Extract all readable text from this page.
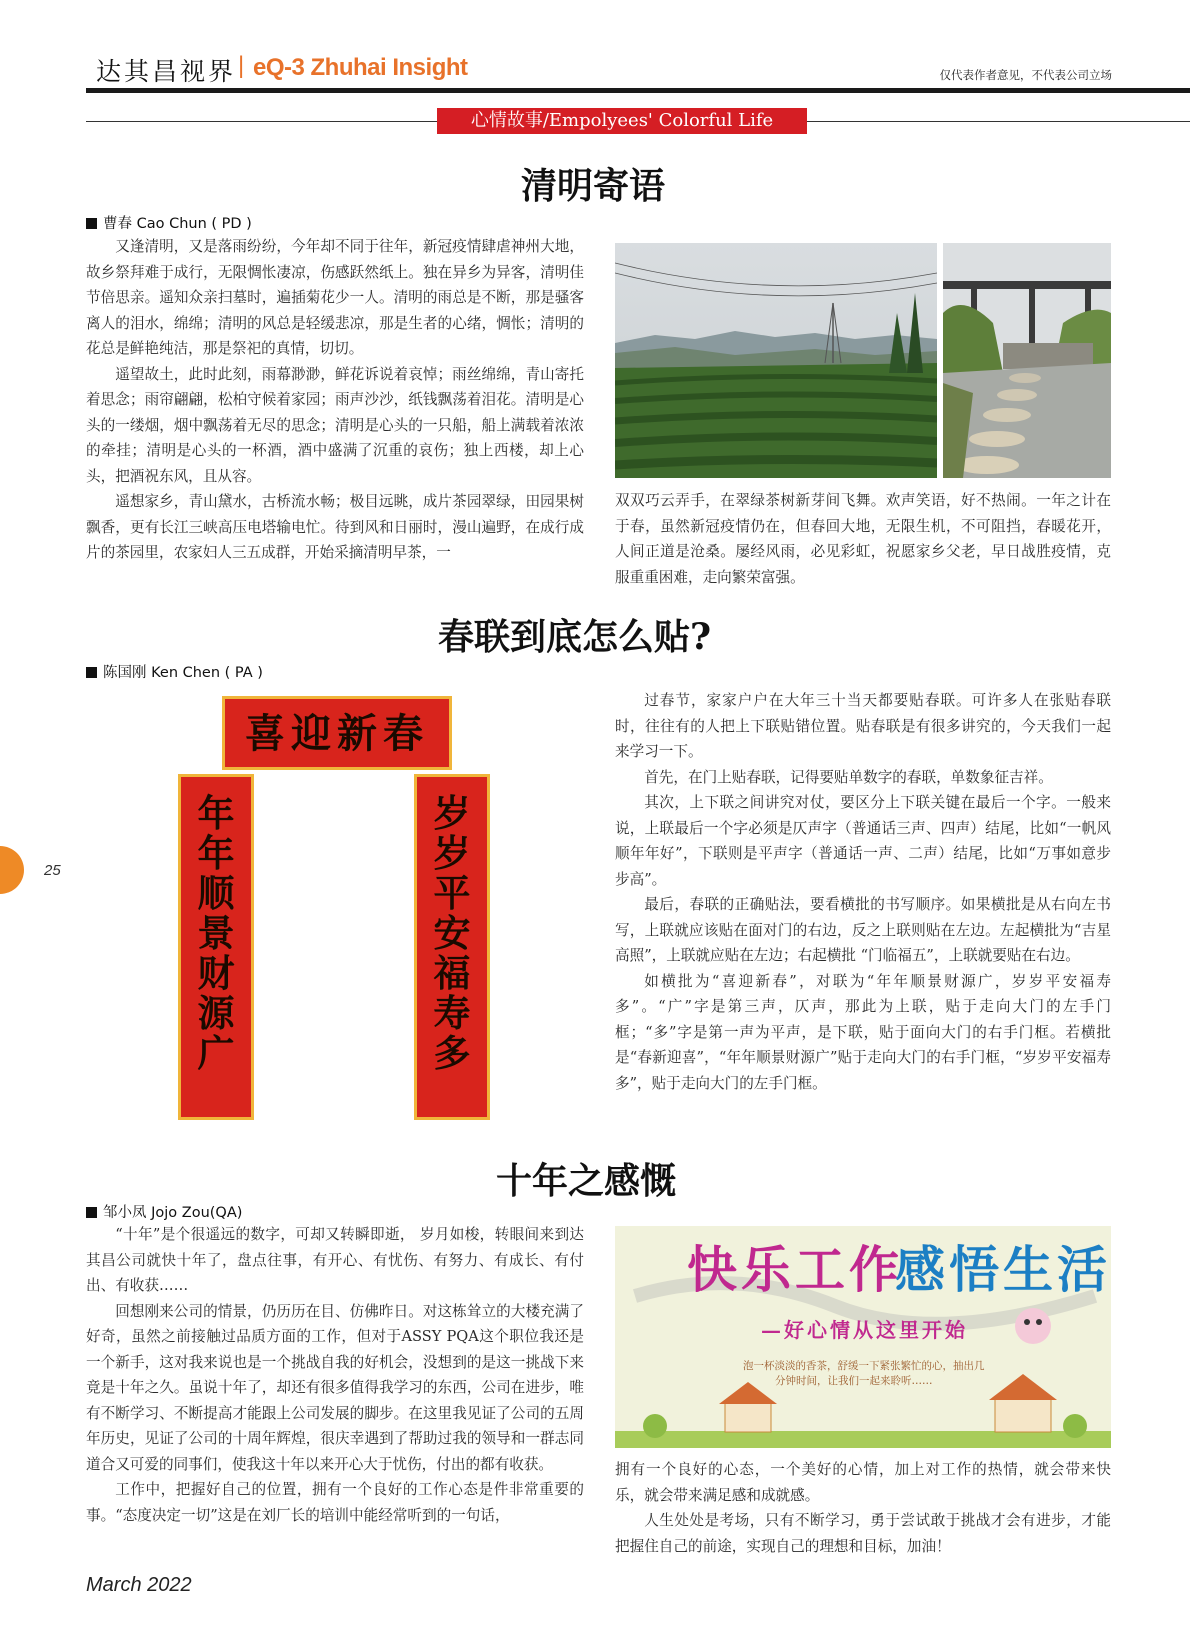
达其昌视界 | eQ-3 Zhuhai Insight	仅代表作者意见，不代表公司立场
心情故事/Empolyees' Colorful Life
清明寄语
曹春 Cao Chun ( PD )

又逢清明，又是落雨纷纷，今年却不同于往年，新冠疫情肆虐神州大地，故乡祭拜难于成行，无限惆怅凄凉，伤感跃然纸上。独在异乡为异客，清明佳节倍思亲。遥知众亲扫墓时，遍插菊花少一人。清明的雨总是不断，那是骚客离人的泪水，绵绵；清明的风总是轻缓悲凉，那是生者的心绪，惆怅；清明的花总是鲜艳纯洁，那是祭祀的真情，切切。

遥望故土，此时此刻，雨幕渺渺，鲜花诉说着哀悼；雨丝绵绵，青山寄托着思念；雨帘翩翩，松柏守候着家园；雨声沙沙，纸钱飘荡着泪花。清明是心头的一缕烟，烟中飘荡着无尽的思念；清明是心头的一只船，船上满载着浓浓的牵挂；清明是心头的一杯酒，酒中盛满了沉重的哀伤；独上西楼，却上心头，把酒祝东风，且从容。

遥想家乡，青山黛水，古桥流水畅；极目远眺，成片茶园翠绿，田园果树飘香，更有长江三峡高压电塔输电忙。待到风和日丽时，漫山遍野，在成行成片的茶园里，农家妇人三五成群，开始采摘清明早茶，一

双双巧云弄手，在翠绿茶树新芽间飞舞。欢声笑语，好不热闹。一年之计在于春，虽然新冠疫情仍在，但春回大地，无限生机，不可阻挡，春暖花开，人间正道是沧桑。屡经风雨，必见彩虹，祝愿家乡父老，早日战胜疫情，克服重重困难，走向繁荣富强。

春联到底怎么贴?
陈国刚 Ken Chen ( PA )
喜迎新春
年年顺景财源广
岁岁平安福寿多

过春节，家家户户在大年三十当天都要贴春联。可许多人在张贴春联时，往往有的人把上下联贴错位置。贴春联是有很多讲究的，今天我们一起来学习一下。

首先，在门上贴春联，记得要贴单数字的春联，单数象征吉祥。

其次，上下联之间讲究对仗，要区分上下联关键在最后一个字。一般来说，上联最后一个字必须是仄声字（普通话三声、四声）结尾，比如“一帆风顺年年好”，下联则是平声字（普通话一声、二声）结尾，比如“万事如意步步高”。

最后，春联的正确贴法，要看横批的书写顺序。如果横批是从右向左书写，上联就应该贴在面对门的右边，反之上联则贴在左边。左起横批为“吉星高照”，上联就应贴在左边；右起横批 “门临福五”，上联就要贴在右边。

如横批为“喜迎新春”，对联为“年年顺景财源广，岁岁平安福寿多”。“广”字是第三声，仄声，那此为上联，贴于走向大门的左手门框；“多”字是第一声为平声，是下联，贴于面向大门的右手门框。若横批是“春新迎喜”，“年年顺景财源广”贴于走向大门的右手门框，“岁岁平安福寿多”，贴于走向大门的左手门框。

25
十年之感慨
邹小凤 Jojo Zou(QA)

“十年”是个很遥远的数字，可却又转瞬即逝， 岁月如梭，转眼间来到达其昌公司就快十年了，盘点往事，有开心、有忧伤、有努力、有成长、有付出、有收获……

回想刚来公司的情景，仍历历在目、仿佛昨日。对这栋耸立的大楼充满了好奇，虽然之前接触过品质方面的工作，但对于ASSY PQA这个职位我还是一个新手，这对我来说也是一个挑战自我的好机会，没想到的是这一挑战下来竟是十年之久。虽说十年了，却还有很多值得我学习的东西，公司在进步，唯有不断学习、不断提高才能跟上公司发展的脚步。在这里我见证了公司的五周年历史，见证了公司的十周年辉煌，很庆幸遇到了帮助过我的领导和一群志同道合又可爱的同事们，使我这十年以来开心大于忧伤，付出的都有收获。

工作中，把握好自己的位置，拥有一个良好的工作心态是件非常重要的事。“态度决定一切”这是在刘厂长的培训中能经常听到的一句话，

快乐工作
感悟生活
—好心情从这里开始
泡一杯淡淡的香茶，舒缓一下紧张繁忙的心，抽出几
分钟时间，让我们一起来聆听……

拥有一个良好的心态，一个美好的心情，加上对工作的热情，就会带来快乐，就会带来满足感和成就感。

人生处处是考场，只有不断学习，勇于尝试敢于挑战才会有进步，才能把握住自己的前途，实现自己的理想和目标，加油！

March 2022
